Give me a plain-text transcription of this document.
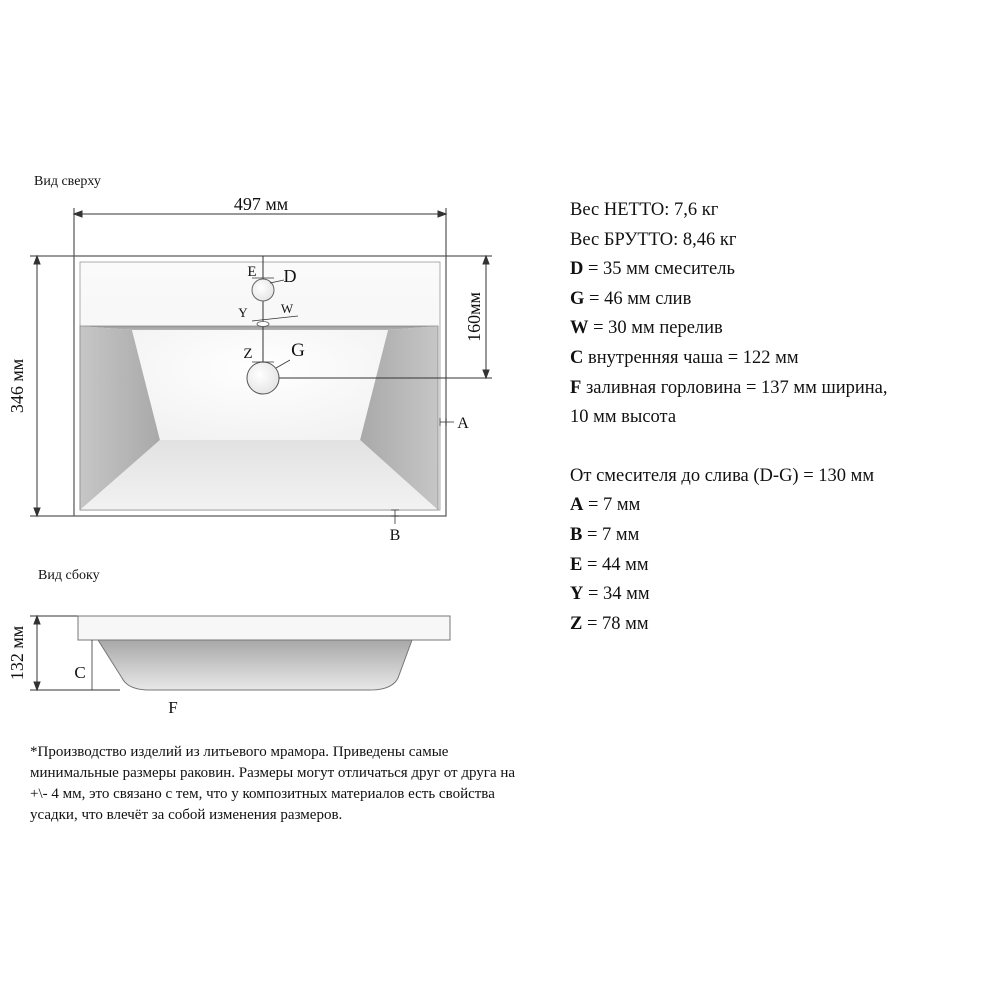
Вид сверху
497 мм
346 мм
E D
Y	W
Z G
160мм
A
B
Вид сбоку
132 мм	C
F
Вес НЕТТО: 7,6 кг
Вес БРУТТО: 8,46 кг
D = 35 мм смеситель
G = 46 мм слив
W = 30 мм перелив
C внутренняя чаша = 122 мм
F заливная горловина = 137 мм ширина,
10 мм высота
От смесителя до слива (D-G) = 130 мм
A = 7 мм
B = 7 мм
E = 44 мм
Y = 34 мм
Z = 78 мм
*Производство изделий из литьевого мрамора. Приведены самые
минимальные размеры раковин. Размеры могут отличаться друг от друга на
+\- 4 мм, это связано с тем, что у композитных материалов есть свойства
усадки, что влечёт за собой изменения размеров.
